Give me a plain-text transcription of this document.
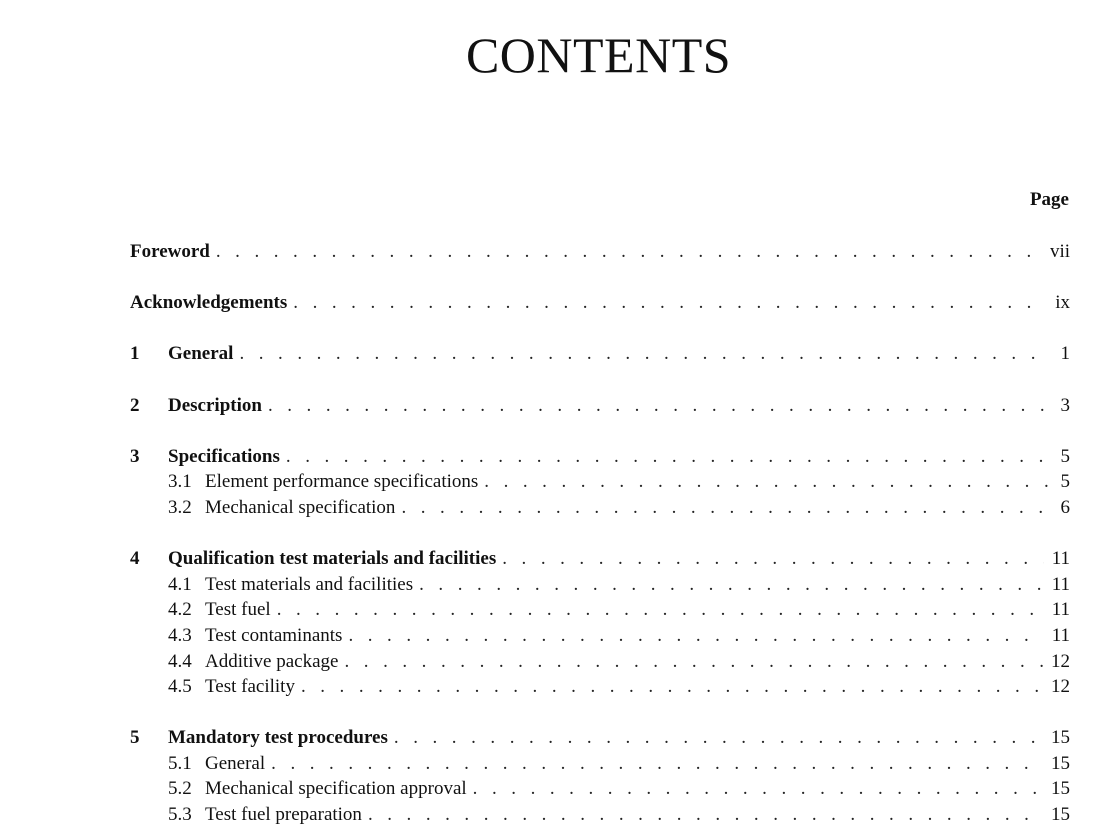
CONTENTS
Page
Foreword . . .	vii
Acknowledgements . . .	ix
1	General . . .	1
2	Description . . .	3
3	Specifications . . .	5
3.1 Element performance specifications . . .	5
3.2 Mechanical specification . . .	6
4	Qualification test materials and facilities . . .	11
4.1 Test materials and facilities . . .	11
4.2 Test fuel . . .	11
4.3 Test contaminants . . .	11
4.4 Additive package . . .	12
4.5 Test facility . . .	12
5	Mandatory test procedures . . .	15
5.1 General . . .	15
5.2 Mechanical specification approval . . .	15
5.3 Test fuel preparation . . .	15
